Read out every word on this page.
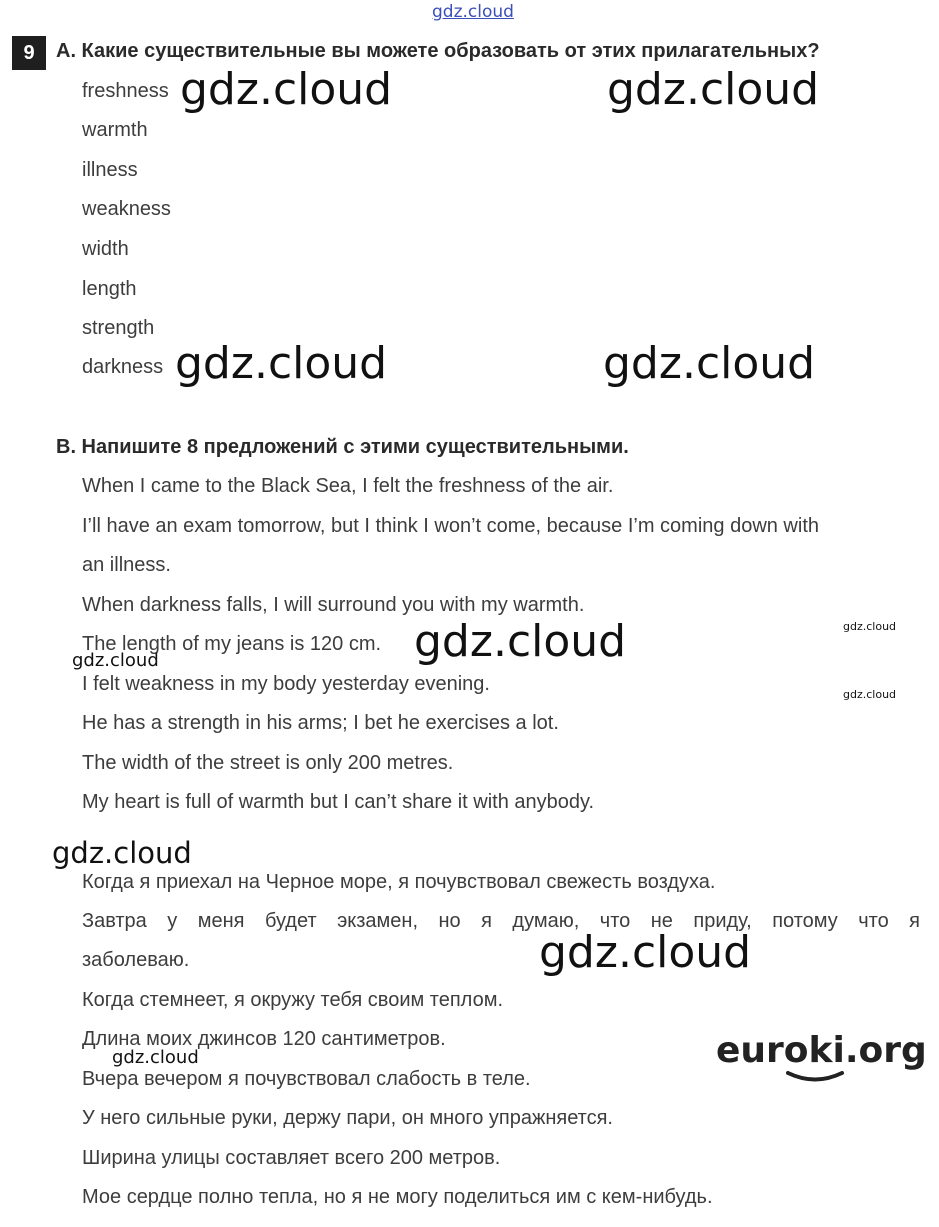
gdz.cloud
9	A. Какие существительные вы можете образовать от этих прилагательных?
freshness
warmth
illness
weakness
width
length
strength
darkness
B. Напишите 8 предложений с этими существительными.
When I came to the Black Sea, I felt the freshness of the air.
I’ll have an exam tomorrow, but I think I won’t come, because I’m coming down with
an illness.
When darkness falls, I will surround you with my warmth.
The length of my jeans is 120 cm.
I felt weakness in my body yesterday evening.
He has a strength in his arms; I bet he exercises a lot.
The width of the street is only 200 metres.
My heart is full of warmth but I can’t share it with anybody.
Когда я приехал на Черное море, я почувствовал свежесть воздуха.
Завтра у меня будет экзамен, но я думаю, что не приду, потому что я
заболеваю.
Когда стемнеет, я окружу тебя своим теплом.
Длина моих джинсов 120 сантиметров.
Вчера вечером я почувствовал слабость в теле.
У него сильные руки, держу пари, он много упражняется.
Ширина улицы составляет всего 200 метров.
Мое сердце полно тепла, но я не могу поделиться им с кем-нибудь.
gdz.cloud	gdz.cloud
gdz.cloud	gdz.cloud
gdz.cloud
gdz.cloud
gdz.cloud
gdz.cloud
gdz.cloud
gdz.cloud
gdz.cloud
euroki.org
